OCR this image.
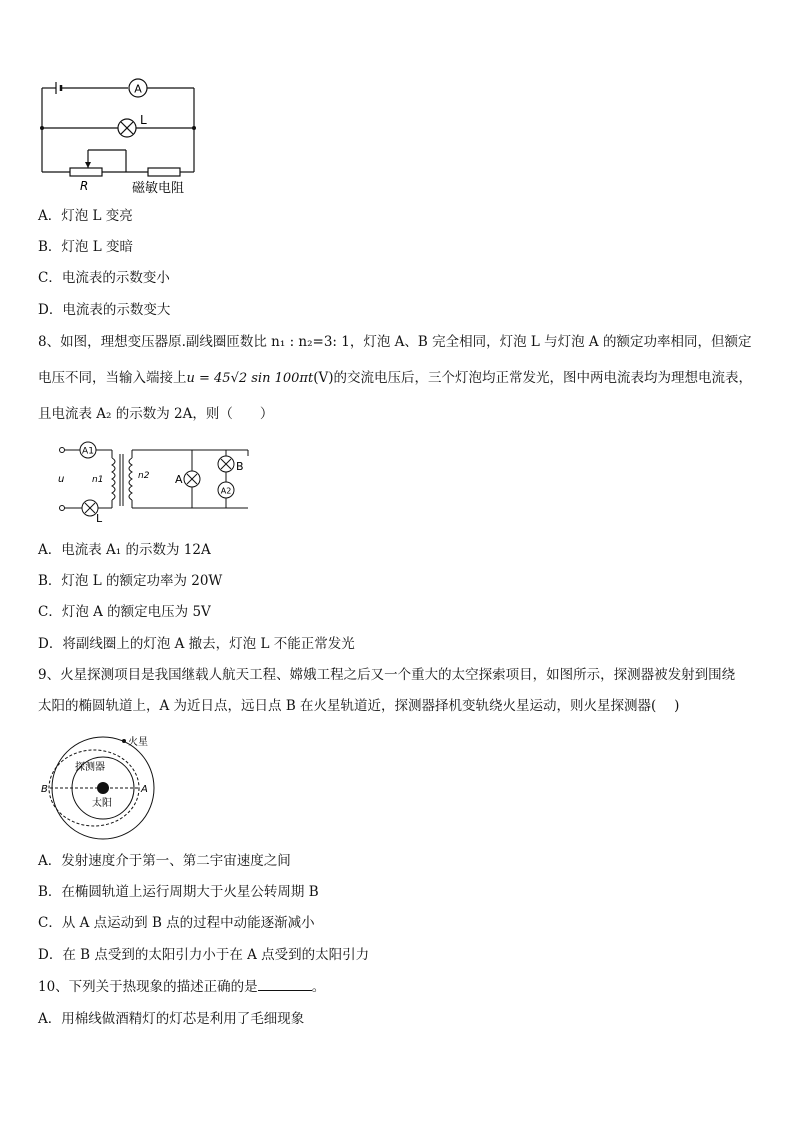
A
L
R	磁敏电阻
A．灯泡 L 变亮
B．灯泡 L 变暗
C．电流表的示数变小
D．电流表的示数变大
8、如图，理想变压器原.副线圈匝数比 n₁ : n₂=3: 1，灯泡 A、B 完全相同，灯泡 L 与灯泡 A 的额定功率相同，但额定
电压不同，当输入端接上u = 45√2 sin 100πt(V)的交流电压后，三个灯泡均正常发光，图中两电流表均为理想电流表，
且电流表 A₂ 的示数为 2A，则（　　）
A1
u	n1	n2 A
B
A2
L
A．电流表 A₁ 的示数为 12A
B．灯泡 L 的额定功率为 20W
C．灯泡 A 的额定电压为 5V
D．将副线圈上的灯泡 A 撤去，灯泡 L 不能正常发光
9、火星探测项目是我国继载人航天工程、嫦娥工程之后又一个重大的太空探索项目，如图所示，探测器被发射到围绕
太阳的椭圆轨道上，A 为近日点，远日点 B 在火星轨道近，探测器择机变轨绕火星运动，则火星探测器(　 )
火星
探测器
太阳
B	A
A．发射速度介于第一、第二宇宙速度之间
B．在椭圆轨道上运行周期大于火星公转周期 B
C．从 A 点运动到 B 点的过程中动能逐渐减小
D．在 B 点受到的太阳引力小于在 A 点受到的太阳引力
10、下列关于热现象的描述正确的是	。
A．用棉线做酒精灯的灯芯是利用了毛细现象
